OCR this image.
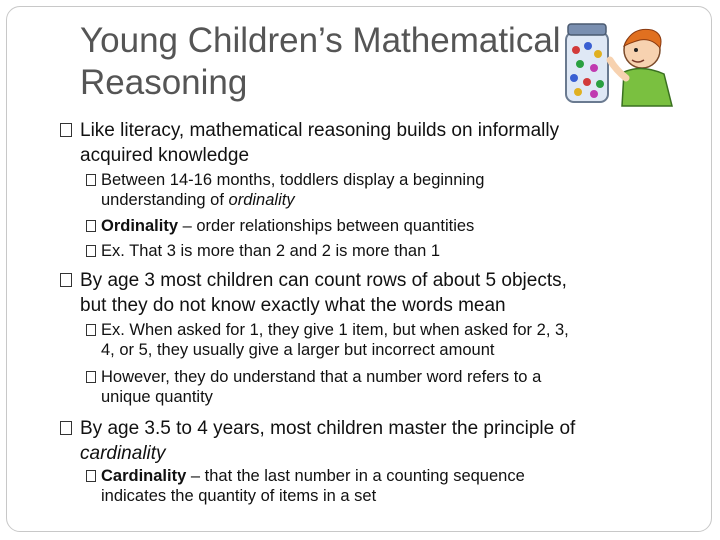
Young Children’s Mathematical
Reasoning
Like literacy, mathematical reasoning builds on informally
acquired knowledge
Between 14-16 months, toddlers display a beginning
understanding of ordinality
Ordinality – order relationships between quantities
Ex. That 3 is more than 2 and 2 is more than 1
By age 3 most children can count rows of about 5 objects,
but they do not know exactly what the words mean
Ex. When asked for 1, they give 1 item, but when asked for 2, 3,
4, or 5, they usually give a larger but incorrect amount
However, they do understand that a number word refers to a
unique quantity
By age 3.5 to 4 years, most children master the principle of
cardinality
Cardinality – that the last number in a counting sequence
indicates the quantity of items in a set
